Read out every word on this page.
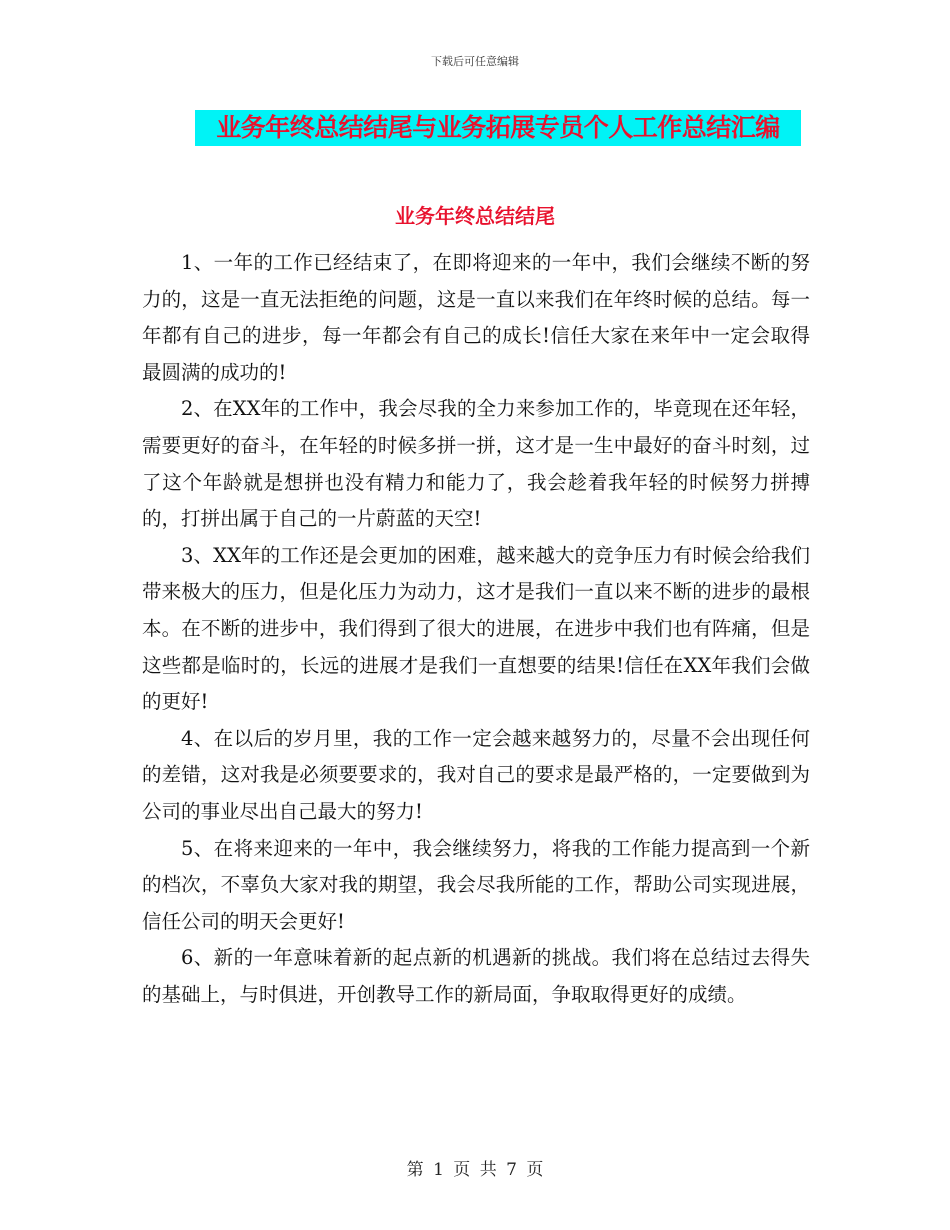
下载后可任意编辑
业务年终总结结尾与业务拓展专员个人工作总结汇编
业务年终总结结尾

1、一年的工作已经结束了，在即将迎来的一年中，我们会继续不断的努力的，这是一直无法拒绝的问题，这是一直以来我们在年终时候的总结。每一年都有自己的进步，每一年都会有自己的成长!信任大家在来年中一定会取得最圆满的成功的!

2、在XX年的工作中，我会尽我的全力来参加工作的，毕竟现在还年轻，需要更好的奋斗，在年轻的时候多拼一拼，这才是一生中最好的奋斗时刻，过了这个年龄就是想拼也没有精力和能力了，我会趁着我年轻的时候努力拼搏的，打拼出属于自己的一片蔚蓝的天空!

3、XX年的工作还是会更加的困难，越来越大的竞争压力有时候会给我们带来极大的压力，但是化压力为动力，这才是我们一直以来不断的进步的最根本。在不断的进步中，我们得到了很大的进展，在进步中我们也有阵痛，但是这些都是临时的，长远的进展才是我们一直想要的结果!信任在XX年我们会做的更好!

4、在以后的岁月里，我的工作一定会越来越努力的，尽量不会出现任何的差错，这对我是必须要要求的，我对自己的要求是最严格的，一定要做到为公司的事业尽出自己最大的努力!

5、在将来迎来的一年中，我会继续努力，将我的工作能力提高到一个新的档次，不辜负大家对我的期望，我会尽我所能的工作，帮助公司实现进展，信任公司的明天会更好!

6、新的一年意味着新的起点新的机遇新的挑战。我们将在总结过去得失的基础上，与时俱进，开创教导工作的新局面，争取取得更好的成绩。

第 1 页 共 7 页
